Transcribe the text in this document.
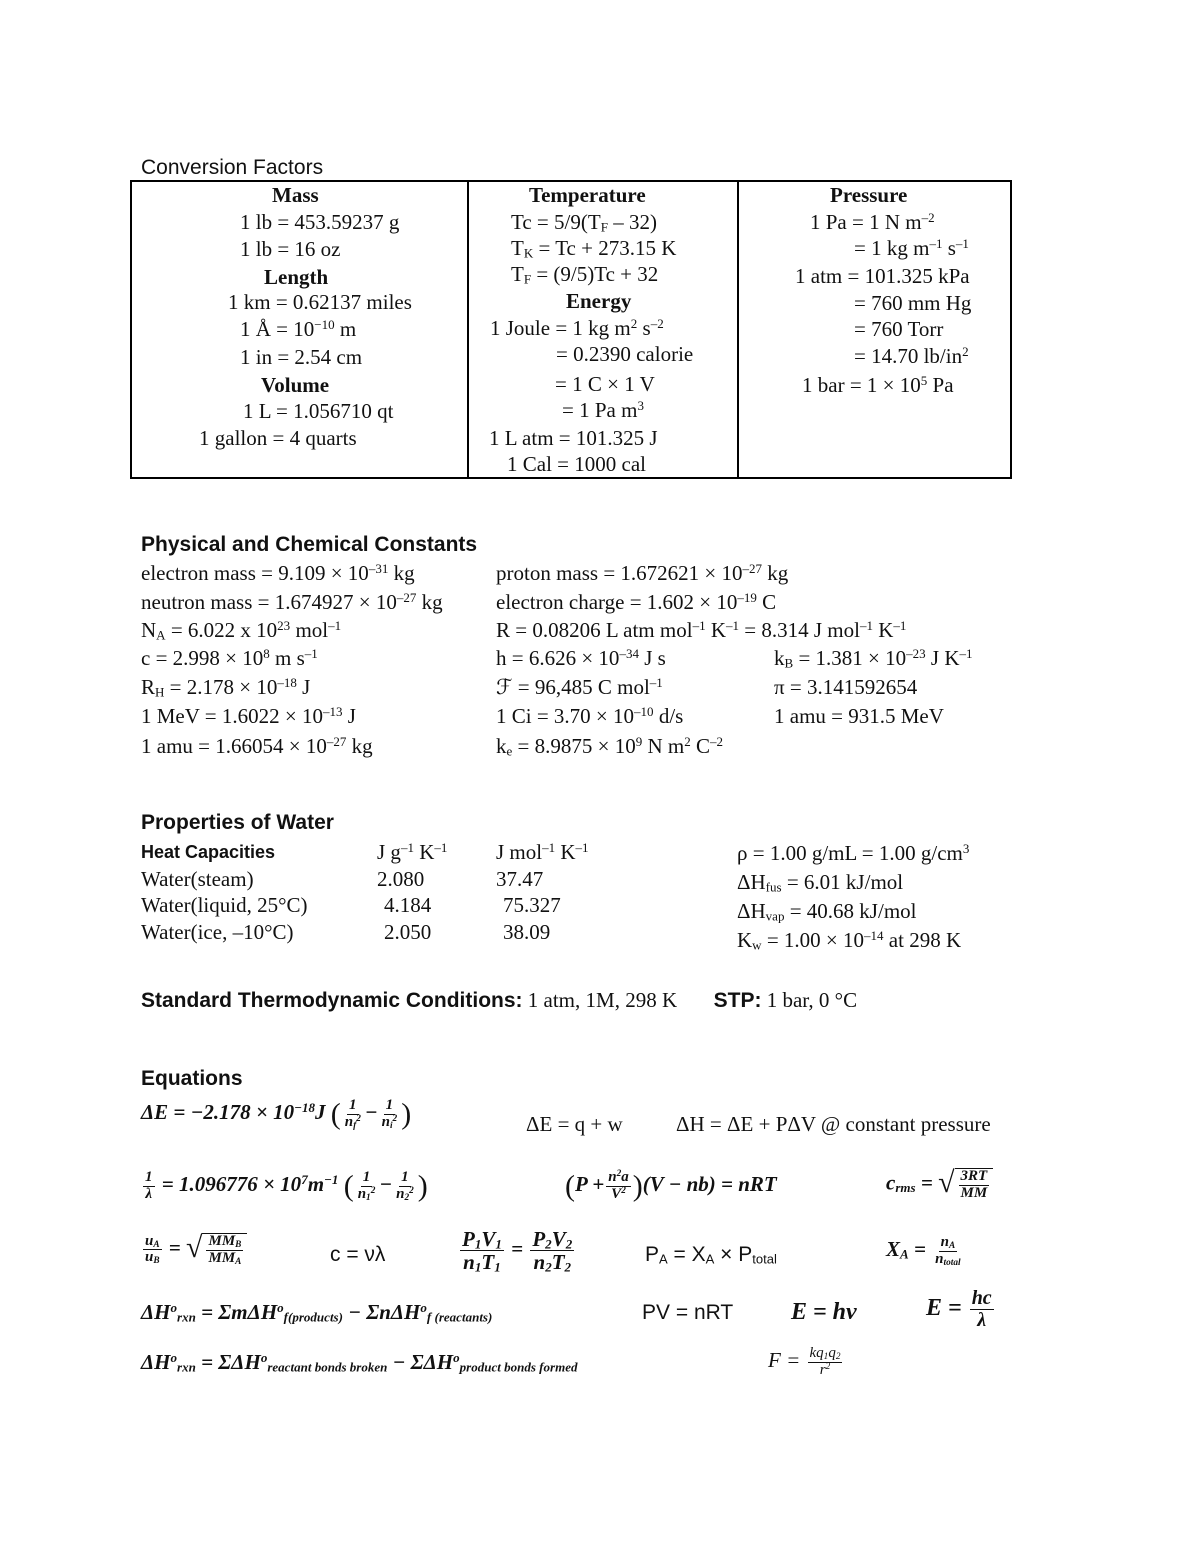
Conversion Factors
Mass
1 lb = 453.59237 g
1 lb = 16 oz
Length
1 km = 0.62137 miles
1 Å = $10^{-10}$ m
1 in = 2.54 cm
Volume
1 L = 1.056710 qt
1 gallon = 4 quarts
Temperature
$Tc = 5/9(T_F - 32)$
$T_K = Tc + 273.15$ K
$T_F = (9/5)Tc + 32$
Energy
1 Joule = 1 kg $m^2$ $s^{-2}$
= 0.2390 calorie
= 1 C × 1 V
= 1 Pa $m^3$
1 L atm = 101.325 J
1 Cal = 1000 cal
Pressure
1 Pa = 1 N $m^{-2}$
= 1 kg $m^{-1}$ $s^{-1}$
1 atm = 101.325 kPa
= 760 mm Hg
= 760 Torr
= 14.70 $lb/in^2$
1 bar = $1 \times 10^5$ Pa
Physical and Chemical Constants
electron mass = $9.109 \times 10^{-31}$ kg	proton mass = $1.672621 \times 10^{-27}$ kg
neutron mass = $1.674927 \times 10^{-27}$ kg	electron charge = $1.602 \times 10^{-19}$ C
$N_A = 6.022$ x $10^{23}$ mol$^{-1}$	R = 0.08206 L atm mol$^{-1}$ $K^{-1} = 8.314$ J mol$^{-1}$ $K^{-1}$
$c = 2.998 \times 10^8$ m $s^{-1}$	$h = 6.626 \times 10^{-34}$ J s	$k_B = 1.381 \times 10^{-23}$ J $K^{-1}$
$R_H = 2.178 \times 10^{-18}$ J	ℱ = 96,485 C mol$^{-1}$	π = 3.141592654
1 MeV = $1.6022 \times 10^{-13}$ J	1 $Ci = 3.70 \times 10^{-10}$ d/s	1 amu = 931.5 MeV
1 amu = $1.66054 \times 10^{-27}$ kg	$k_e = 8.9875 \times 10^9$ N $m^2$ $C^{-2}$
Properties of Water
Heat Capacities	J $g^{-1}$ $K^{-1}$ J mol$^{-1}$ $K^{-1}$
Water(steam)	2.080	37.47
Water(liquid, 25°C)	4.184	75.327
Water(ice, –10°C)	2.050	38.09
ρ = 1.00 g/mL = 1.00 $g/cm^3$
$\Delta H_{fus} = 6.01$ kJ/mol
$\Delta H_{vap} = 40.68$ kJ/mol
$K_w = 1.00 \times 10^{-14}$ at 298 K
Standard Thermodynamic Conditions: 1 atm, 1M, 298 K STP: 1 bar, 0 °C
Equations
$\Delta E = -2.178 \times 10^{-18}J$ ( $\frac{1}{n_f^2} - \frac{1}{n_i^2}$ )	ΔE = q + w	ΔH = ΔE + PΔV @ constant pressure
$\frac{1}{\lambda} = 1.096776 \times 10^7m^{-1}$ ( $\frac{1}{n_1^2} - \frac{1}{n_2^2}$ )	$(P + \frac{n^2a}{V^2} )(V - nb)$ = nRT	$c_{rms}$ = √ $\frac{3RT}{MM}$
$\frac{u_A}{u_B}$ = √ $\frac{MM_B}{MM_A}$	c = νλ	$\frac{P_1V_1}{n_1T_1} = \frac{P_2V_2}{n_2T_2}$	$P_A = X_A \times P_{total}$	$X_A = \frac{n_A}{n_{total}}$
$\Delta H^o_{rxn} = \Sigma m\Delta H^o_{f(products)} - \Sigma n\Delta H^o_{f (reactants)}$	PV = nRT E = hν	$E = \frac{hc}{\lambda}$
$\Delta H^o_{rxn} = \Sigma\Delta H^o_{reactant bonds broken} - \Sigma\Delta H^o_{product bonds formed}$	$F = \frac{kq_1q_2}{r^2}$
